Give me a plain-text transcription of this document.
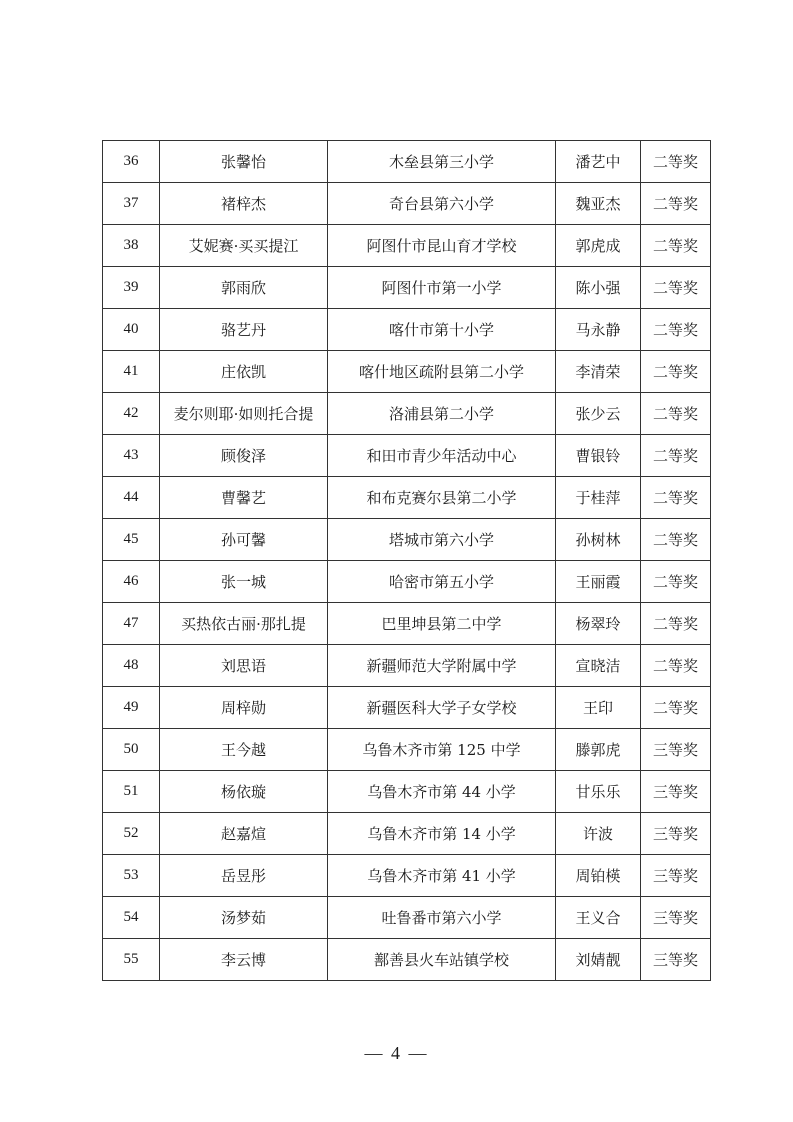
36	张馨怡	木垒县第三小学	潘艺中	二等奖
37	褚梓杰	奇台县第六小学	魏亚杰	二等奖
38	艾妮赛·买买提江	阿图什市昆山育才学校	郭虎成	二等奖
39	郭雨欣	阿图什市第一小学	陈小强	二等奖
40	骆艺丹	喀什市第十小学	马永静	二等奖
41	庄依凯	喀什地区疏附县第二小学	李清荣	二等奖
42	麦尔则耶·如则托合提	洛浦县第二小学	张少云	二等奖
43	顾俊泽	和田市青少年活动中心	曹银铃	二等奖
44	曹馨艺	和布克赛尔县第二小学	于桂萍	二等奖
45	孙可馨	塔城市第六小学	孙树林	二等奖
46	张一城	哈密市第五小学	王丽霞	二等奖
47	买热依古丽·那扎提	巴里坤县第二中学	杨翠玲	二等奖
48	刘思语	新疆师范大学附属中学	宣晓洁	二等奖
49	周梓勋	新疆医科大学子女学校	王印	二等奖
50	王今越	乌鲁木齐市第 125 中学	滕郭虎	三等奖
51	杨依璇	乌鲁木齐市第 44 小学	甘乐乐	三等奖
52	赵嘉煊	乌鲁木齐市第 14 小学	许波	三等奖
53	岳昱彤	乌鲁木齐市第 41 小学	周铂楧	三等奖
54	汤梦茹	吐鲁番市第六小学	王义合	三等奖
55	李云博	鄯善县火车站镇学校	刘婧靓	三等奖
— 4 —
